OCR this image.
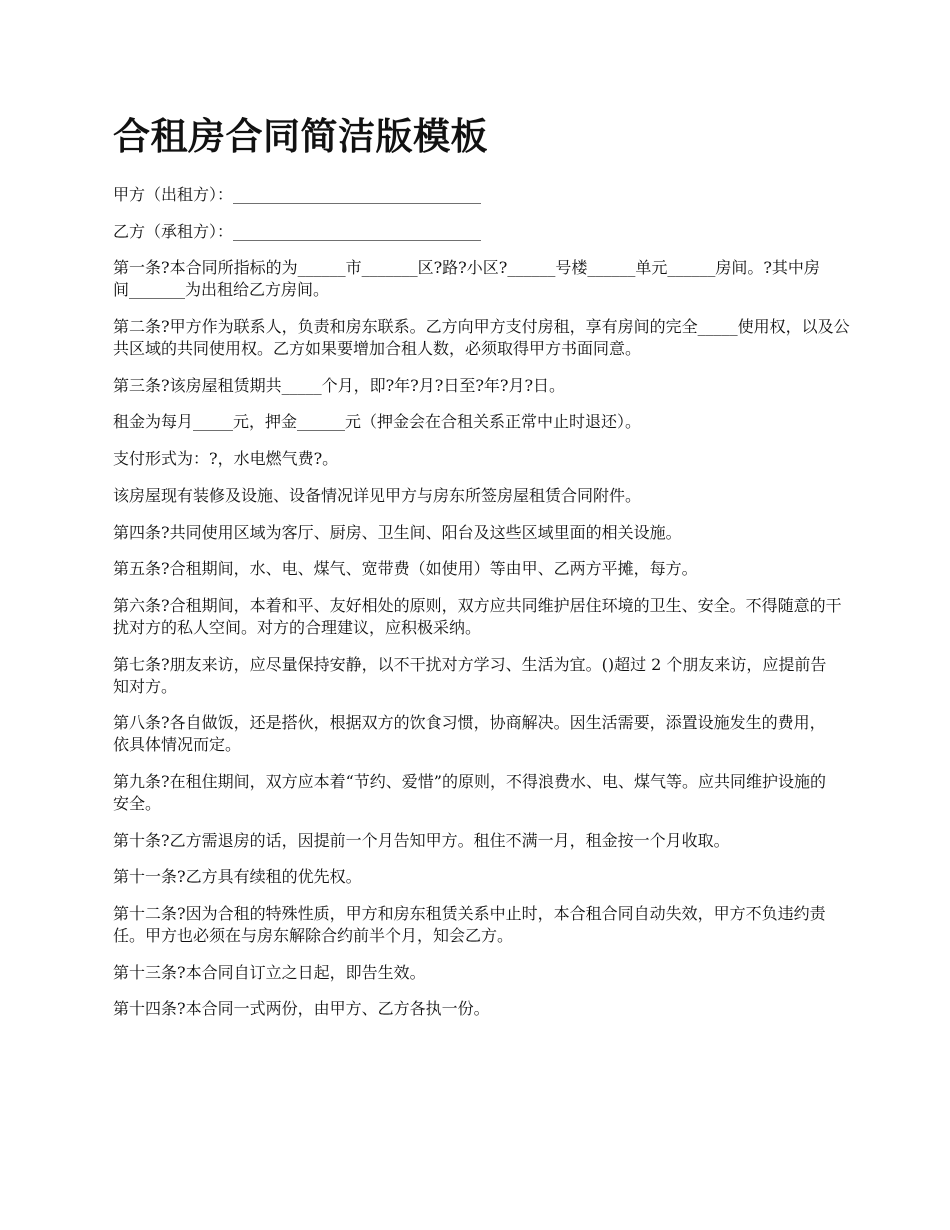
合租房合同简洁版模板

甲方（出租方）：_______________________________

乙方（承租方）：_______________________________

第一条?本合同所指标的为______市_______区?路?小区?______号楼______单元______房间。?其中房间_______为出租给乙方房间。

第二条?甲方作为联系人，负责和房东联系。乙方向甲方支付房租，享有房间的完全_____使用权，以及公共区域的共同使用权。乙方如果要增加合租人数，必须取得甲方书面同意。

第三条?该房屋租赁期共_____个月，即?年?月?日至?年?月?日。

租金为每月_____元，押金______元（押金会在合租关系正常中止时退还）。

支付形式为：?，水电燃气费?。

该房屋现有装修及设施、设备情况详见甲方与房东所签房屋租赁合同附件。

第四条?共同使用区域为客厅、厨房、卫生间、阳台及这些区域里面的相关设施。

第五条?合租期间，水、电、煤气、宽带费（如使用）等由甲、乙两方平摊，每方。

第六条?合租期间，本着和平、友好相处的原则，双方应共同维护居住环境的卫生、安全。不得随意的干扰对方的私人空间。对方的合理建议，应积极采纳。

第七条?朋友来访，应尽量保持安静，以不干扰对方学习、生活为宜。()超过 2 个朋友来访，应提前告知对方。

第八条?各自做饭，还是搭伙，根据双方的饮食习惯，协商解决。因生活需要，添置设施发生的费用，依具体情况而定。

第九条?在租住期间，双方应本着“节约、爱惜”的原则，不得浪费水、电、煤气等。应共同维护设施的安全。

第十条?乙方需退房的话，因提前一个月告知甲方。租住不满一月，租金按一个月收取。

第十一条?乙方具有续租的优先权。

第十二条?因为合租的特殊性质，甲方和房东租赁关系中止时，本合租合同自动失效，甲方不负违约责任。甲方也必须在与房东解除合约前半个月，知会乙方。

第十三条?本合同自订立之日起，即告生效。

第十四条?本合同一式两份，由甲方、乙方各执一份。
